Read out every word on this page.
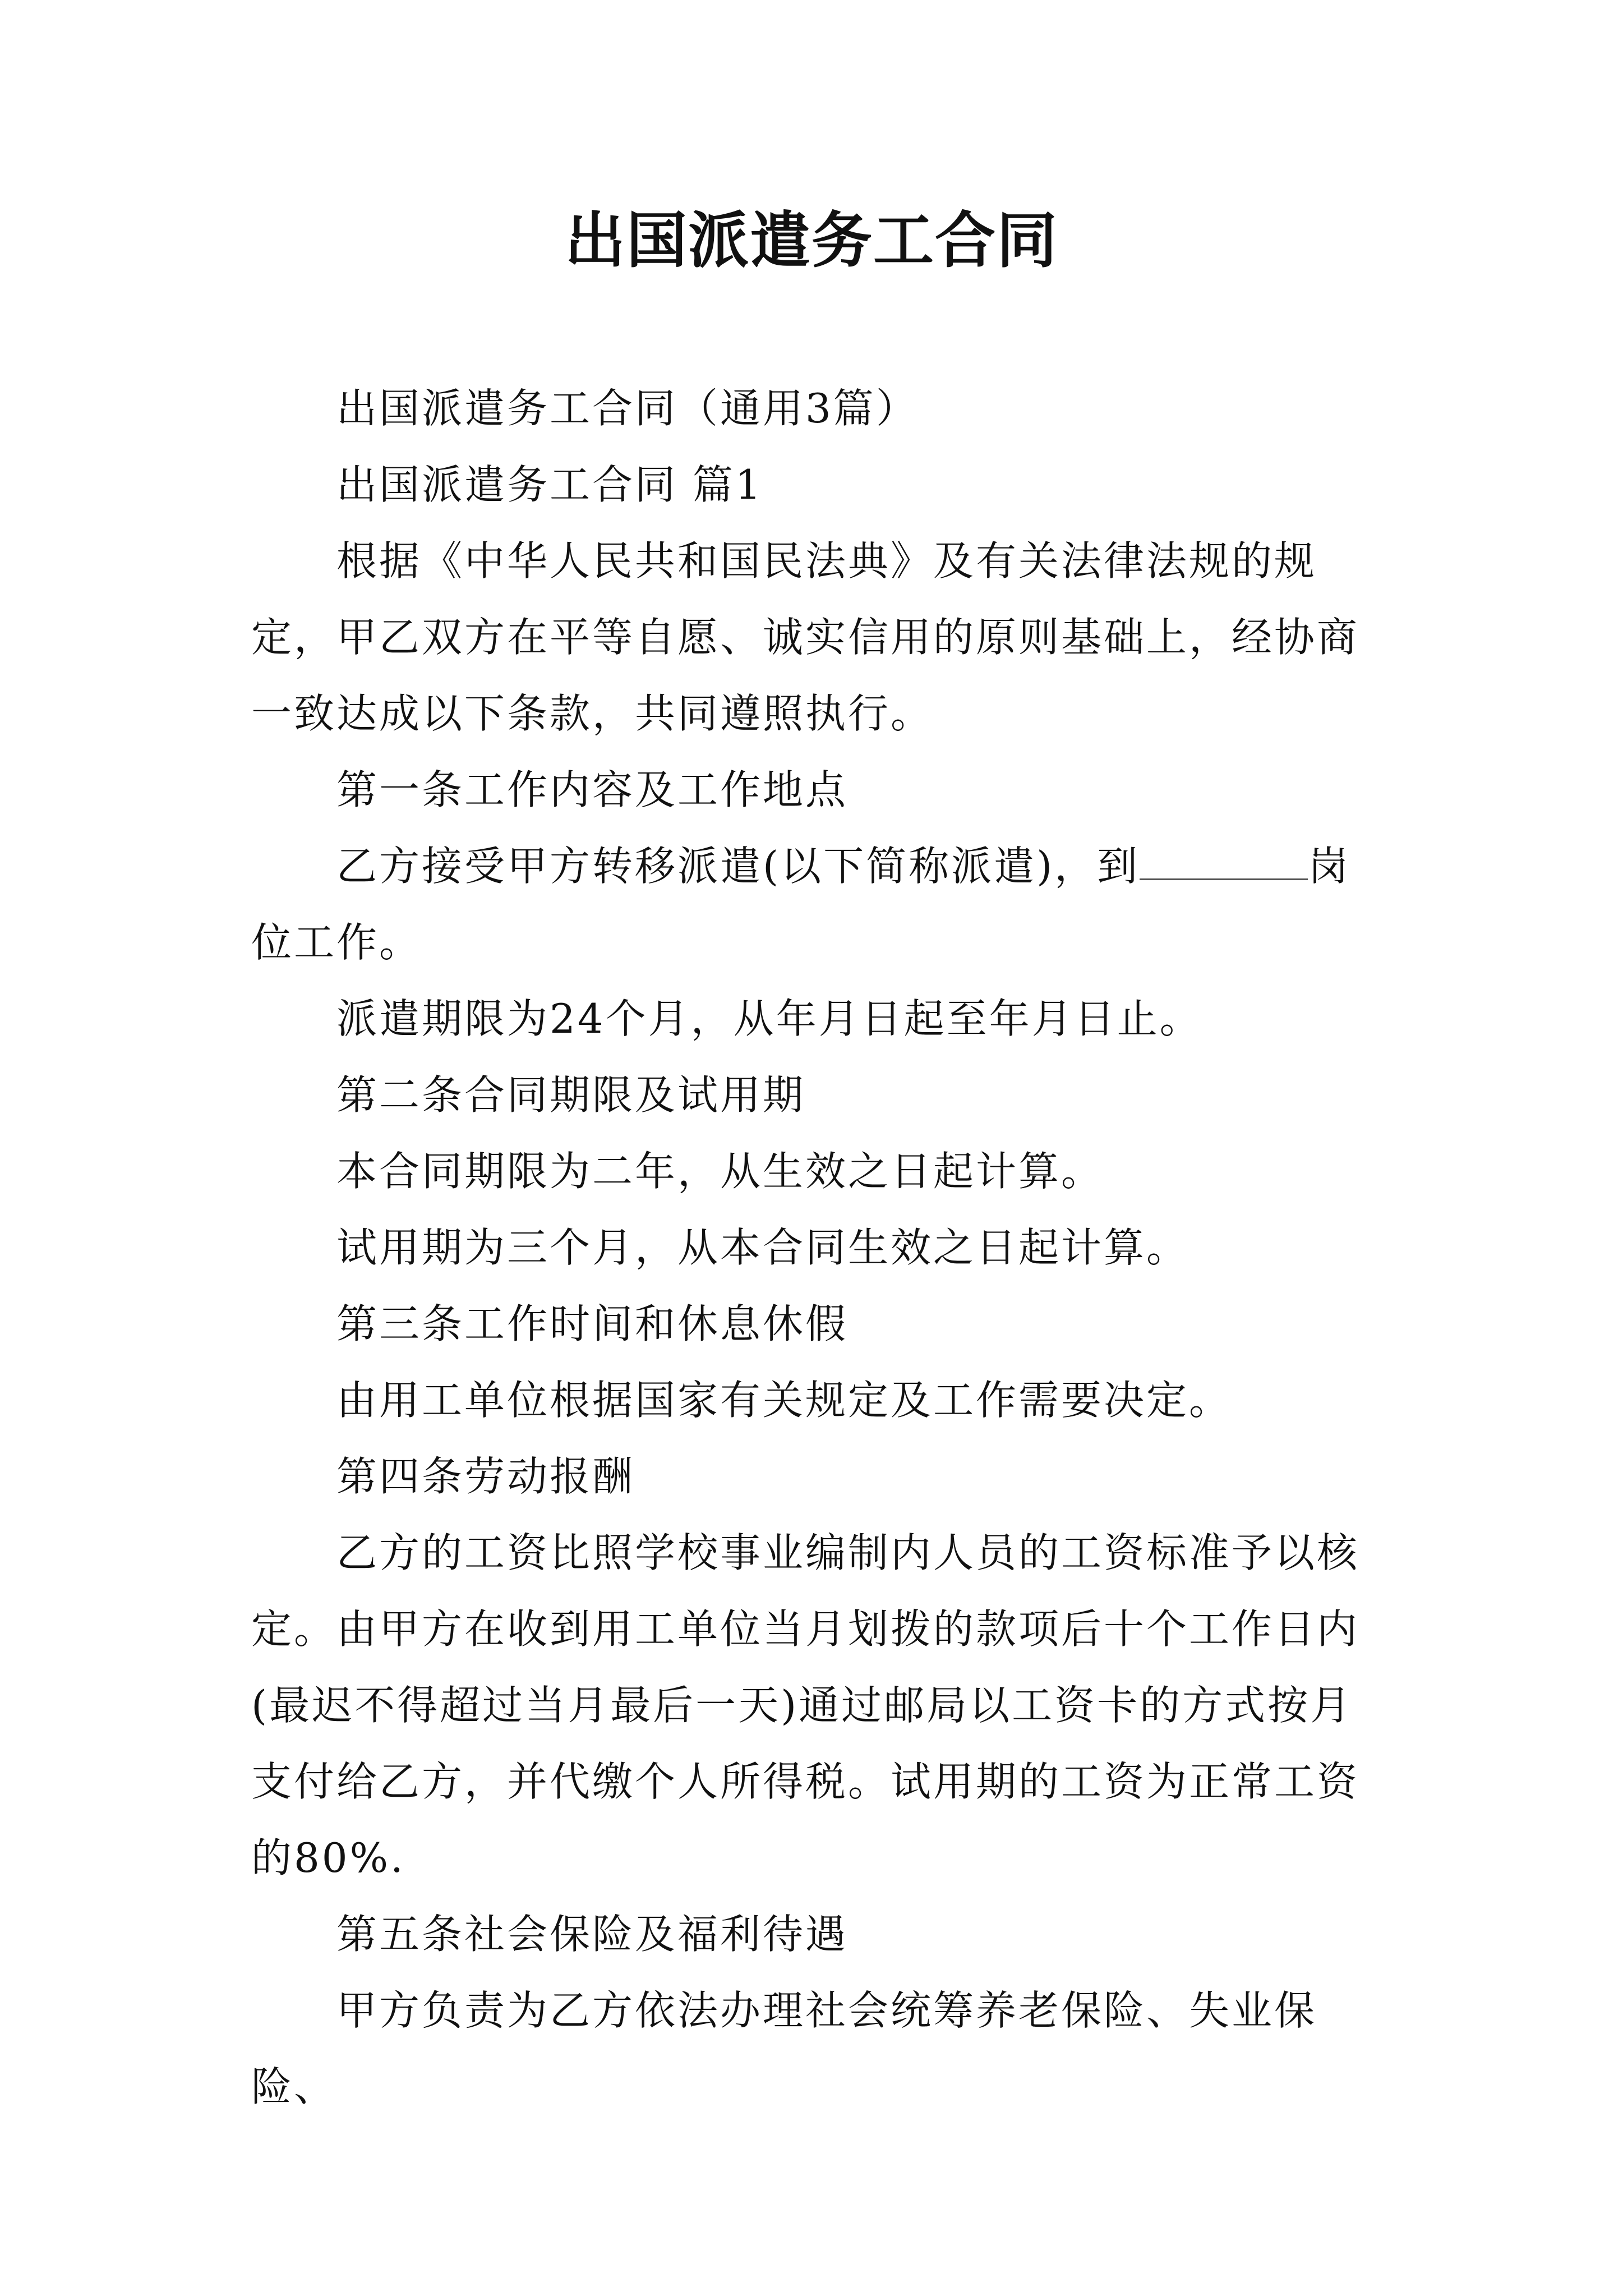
出国派遣务工合同

出国派遣务工合同（通用3篇）

出国派遣务工合同 篇1

根据《中华人民共和国民法典》及有关法律法规的规定，甲乙双方在平等自愿、诚实信用的原则基础上，经协商一致达成以下条款，共同遵照执行。

第一条工作内容及工作地点

乙方接受甲方转移派遣(以下简称派遣)，到	岗位工作。

派遣期限为24个月，从年月日起至年月日止。

第二条合同期限及试用期

本合同期限为二年，从生效之日起计算。

试用期为三个月，从本合同生效之日起计算。

第三条工作时间和休息休假

由用工单位根据国家有关规定及工作需要决定。

第四条劳动报酬

乙方的工资比照学校事业编制内人员的工资标准予以核定。由甲方在收到用工单位当月划拨的款项后十个工作日内(最迟不得超过当月最后一天)通过邮局以工资卡的方式按月支付给乙方，并代缴个人所得税。试用期的工资为正常工资的80%.

第五条社会保险及福利待遇

甲方负责为乙方依法办理社会统筹养老保险、失业保险、
